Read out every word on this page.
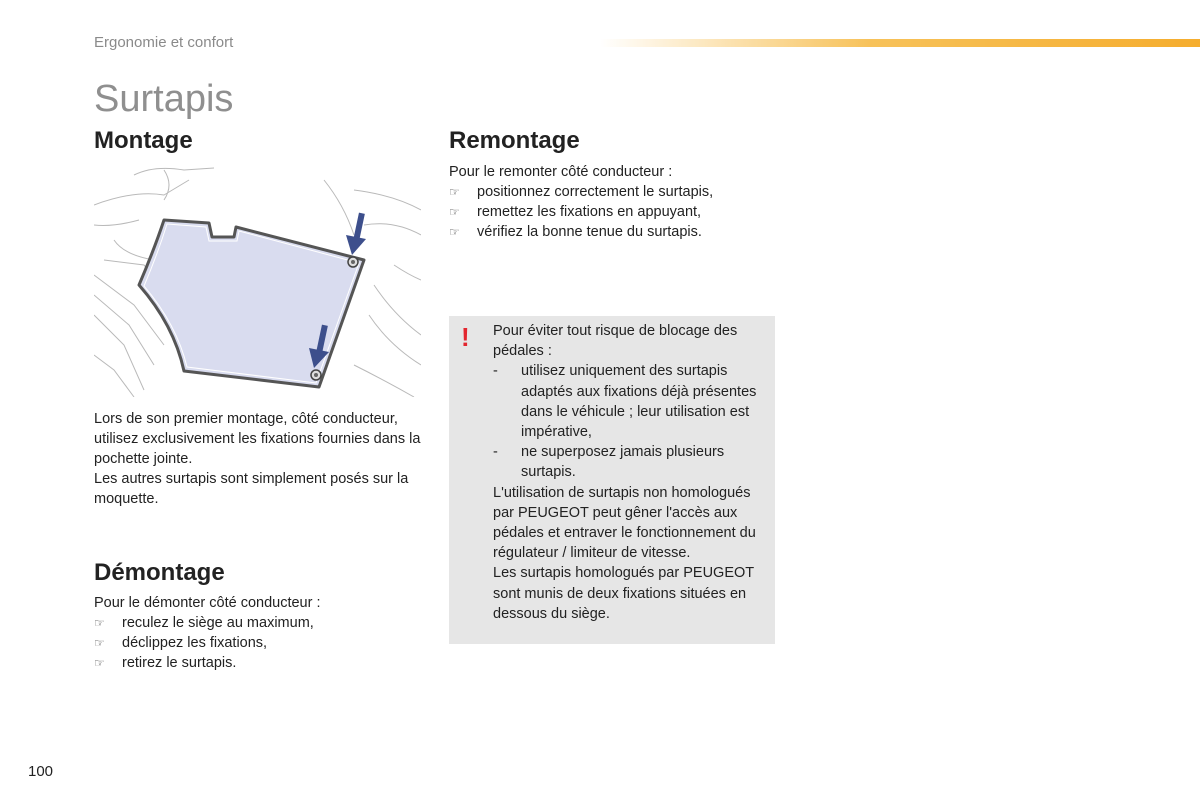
Ergonomie et confort
Surtapis
Montage	Remontage

Lors de son premier montage, côté conducteur, utilisez exclusivement les fixations fournies dans la pochette jointe.

Les autres surtapis sont simplement posés sur la moquette.

Démontage

Pour le démonter côté conducteur :

☞ reculez le siège au maximum,
☞ déclippez les fixations,
☞ retirez le surtapis.

Pour le remonter côté conducteur :

☞ positionnez correctement le surtapis,
☞ remettez les fixations en appuyant,
☞ vérifiez la bonne tenue du surtapis.
! Pour éviter tout risque de blocage des pédales :

- utilisez uniquement des surtapis adaptés aux fixations déjà présentes dans le véhicule ; leur utilisation est impérative,
- ne superposez jamais plusieurs surtapis.

L'utilisation de surtapis non homologués par PEUGEOT peut gêner l'accès aux pédales et entraver le fonctionnement du régulateur / limiteur de vitesse.

Les surtapis homologués par PEUGEOT sont munis de deux fixations situées en dessous du siège.

100
